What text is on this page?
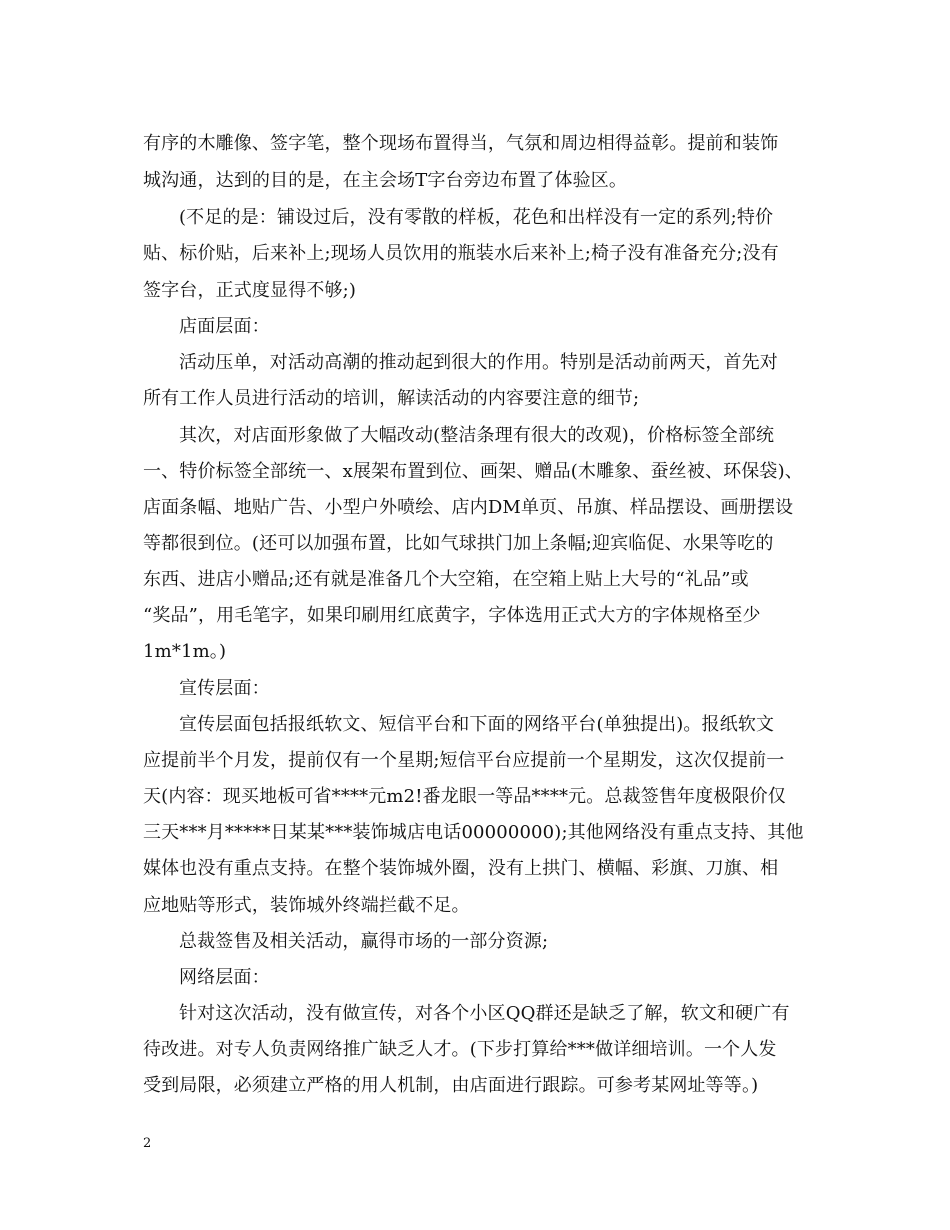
有序的木雕像、签字笔，整个现场布置得当，气氛和周边相得益彰。提前和装饰
城沟通，达到的目的是，在主会场T字台旁边布置了体验区。
(不足的是：铺设过后，没有零散的样板，花色和出样没有一定的系列;特价
贴、标价贴，后来补上;现场人员饮用的瓶装水后来补上;椅子没有准备充分;没有
签字台，正式度显得不够;)
店面层面：
活动压单，对活动高潮的推动起到很大的作用。特别是活动前两天，首先对
所有工作人员进行活动的培训，解读活动的内容要注意的细节;
其次，对店面形象做了大幅改动(整洁条理有很大的改观)，价格标签全部统
一、特价标签全部统一、x展架布置到位、画架、赠品(木雕象、蚕丝被、环保袋)、
店面条幅、地贴广告、小型户外喷绘、店内DM单页、吊旗、样品摆设、画册摆设
等都很到位。(还可以加强布置，比如气球拱门加上条幅;迎宾临促、水果等吃的
东西、进店小赠品;还有就是准备几个大空箱，在空箱上贴上大号的“礼品”或
“奖品”，用毛笔字，如果印刷用红底黄字，字体选用正式大方的字体规格至少
1m*1m。)
宣传层面：
宣传层面包括报纸软文、短信平台和下面的网络平台(单独提出)。报纸软文
应提前半个月发，提前仅有一个星期;短信平台应提前一个星期发，这次仅提前一
天(内容：现买地板可省****元m2!番龙眼一等品****元。总裁签售年度极限价仅
三天***月*****日某某***装饰城店电话00000000);其他网络没有重点支持、其他
媒体也没有重点支持。在整个装饰城外圈，没有上拱门、横幅、彩旗、刀旗、相
应地贴等形式，装饰城外终端拦截不足。
总裁签售及相关活动，赢得市场的一部分资源;
网络层面：
针对这次活动，没有做宣传，对各个小区QQ群还是缺乏了解，软文和硬广有
待改进。对专人负责网络推广缺乏人才。(下步打算给***做详细培训。一个人发
受到局限，必须建立严格的用人机制，由店面进行跟踪。可参考某网址等等。)
2
